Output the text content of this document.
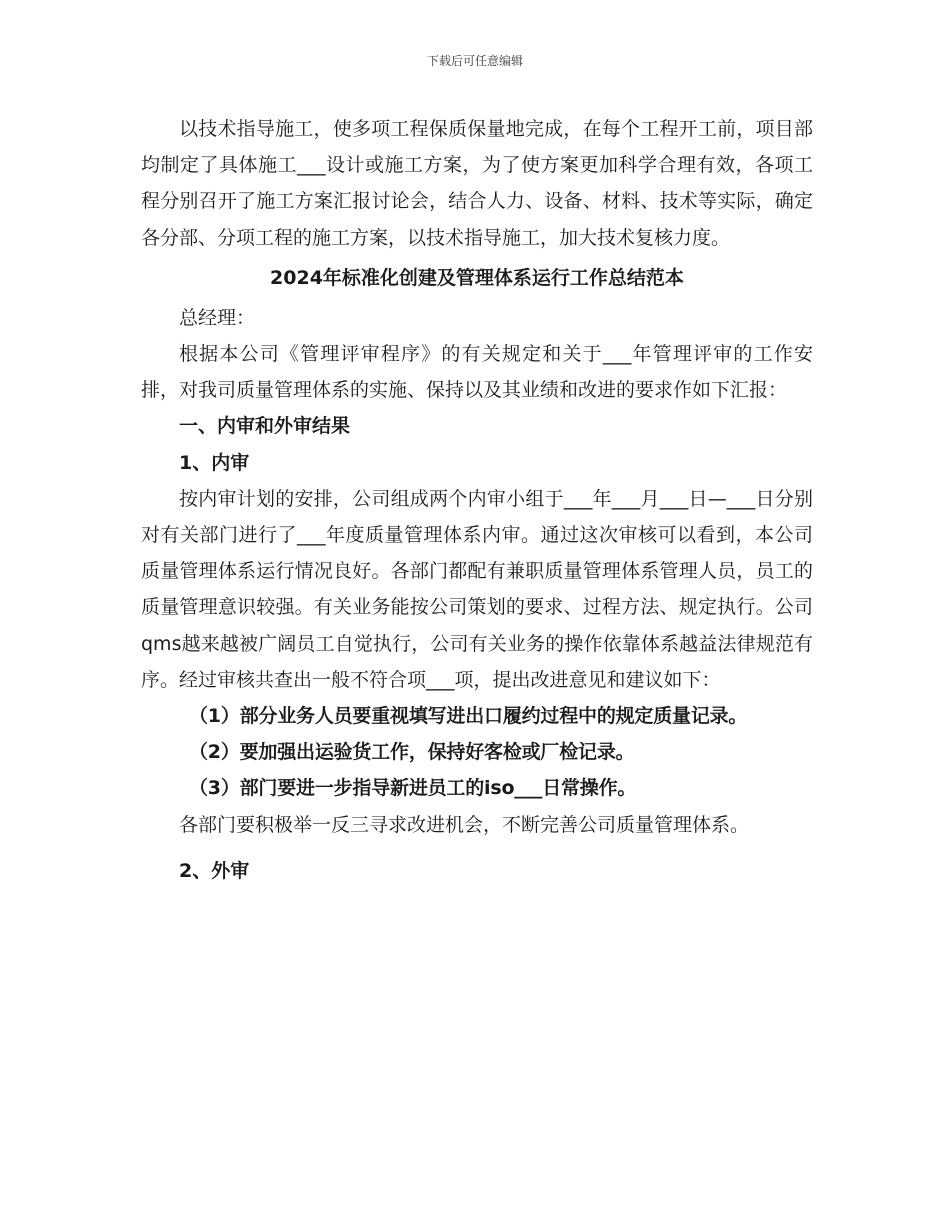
下载后可任意编辑

以技术指导施工，使多项工程保质保量地完成，在每个工程开工前，项目部均制定了具体施工___设计或施工方案，为了使方案更加科学合理有效，各项工程分别召开了施工方案汇报讨论会，结合人力、设备、材料、技术等实际，确定各分部、分项工程的施工方案，以技术指导施工，加大技术复核力度。

2024年标准化创建及管理体系运行工作总结范本

总经理：

根据本公司《管理评审程序》的有关规定和关于___年管理评审的工作安排，对我司质量管理体系的实施、保持以及其业绩和改进的要求作如下汇报：

一、内审和外审结果

1、内审

按内审计划的安排，公司组成两个内审小组于___年___月___日—___日分别对有关部门进行了___年度质量管理体系内审。通过这次审核可以看到，本公司质量管理体系运行情况良好。各部门都配有兼职质量管理体系管理人员，员工的质量管理意识较强。有关业务能按公司策划的要求、过程方法、规定执行。公司qms越来越被广阔员工自觉执行，公司有关业务的操作依靠体系越益法律规范有序。经过审核共查出一般不符合项___项，提出改进意见和建议如下：

（1）部分业务人员要重视填写进出口履约过程中的规定质量记录。

（2）要加强出运验货工作，保持好客检或厂检记录。

（3）部门要进一步指导新进员工的iso___日常操作。

各部门要积极举一反三寻求改进机会，不断完善公司质量管理体系。

2、外审
